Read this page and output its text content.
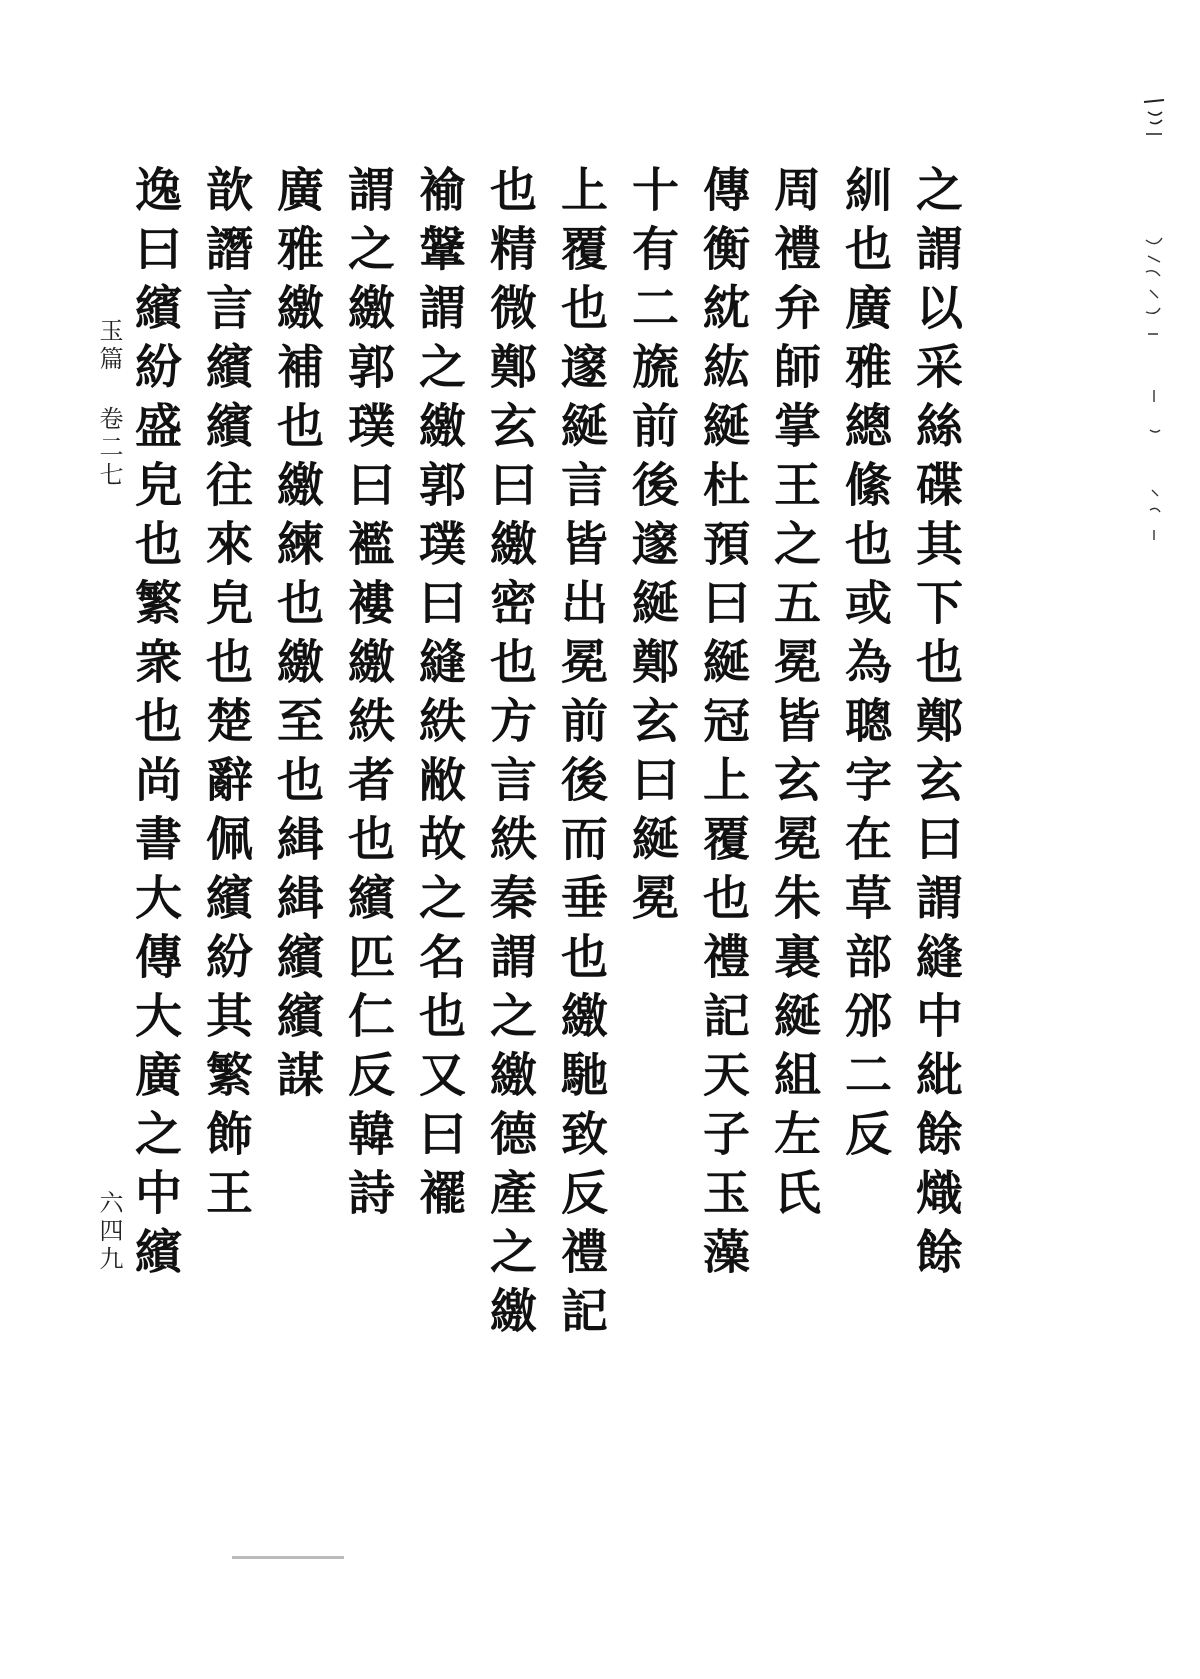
之謂以采絲碟其下也鄭玄曰謂縫中紕餘熾餘
紃也廣雅總絛也或為聰字在草部邠二反
周禮弁師掌王之五冕皆玄冕朱裏綖組左氏
傳衡紞紘綖杜預曰綖冠上覆也禮記天子玉藻
十有二旒前後邃綖鄭玄曰綖冕
上覆也邃綖言皆出冕前後而垂也繳馳致反禮記
也精微鄭玄曰繳密也方言紩秦謂之繳德產之繳
褕鞶謂之繳郭璞曰縫紩敝故之名也又曰襬
謂之繳郭璞曰襤褸繳紩者也繽匹仁反韓詩
廣雅繳補也繳練也繳至也緝緝繽繽謀
歆譖言繽繽往來皃也楚辭佩繽紛其繁飾王
逸曰繽紛盛皃也繁衆也尚書大傳大廣之中繽
玉篇 卷二七
六四九
